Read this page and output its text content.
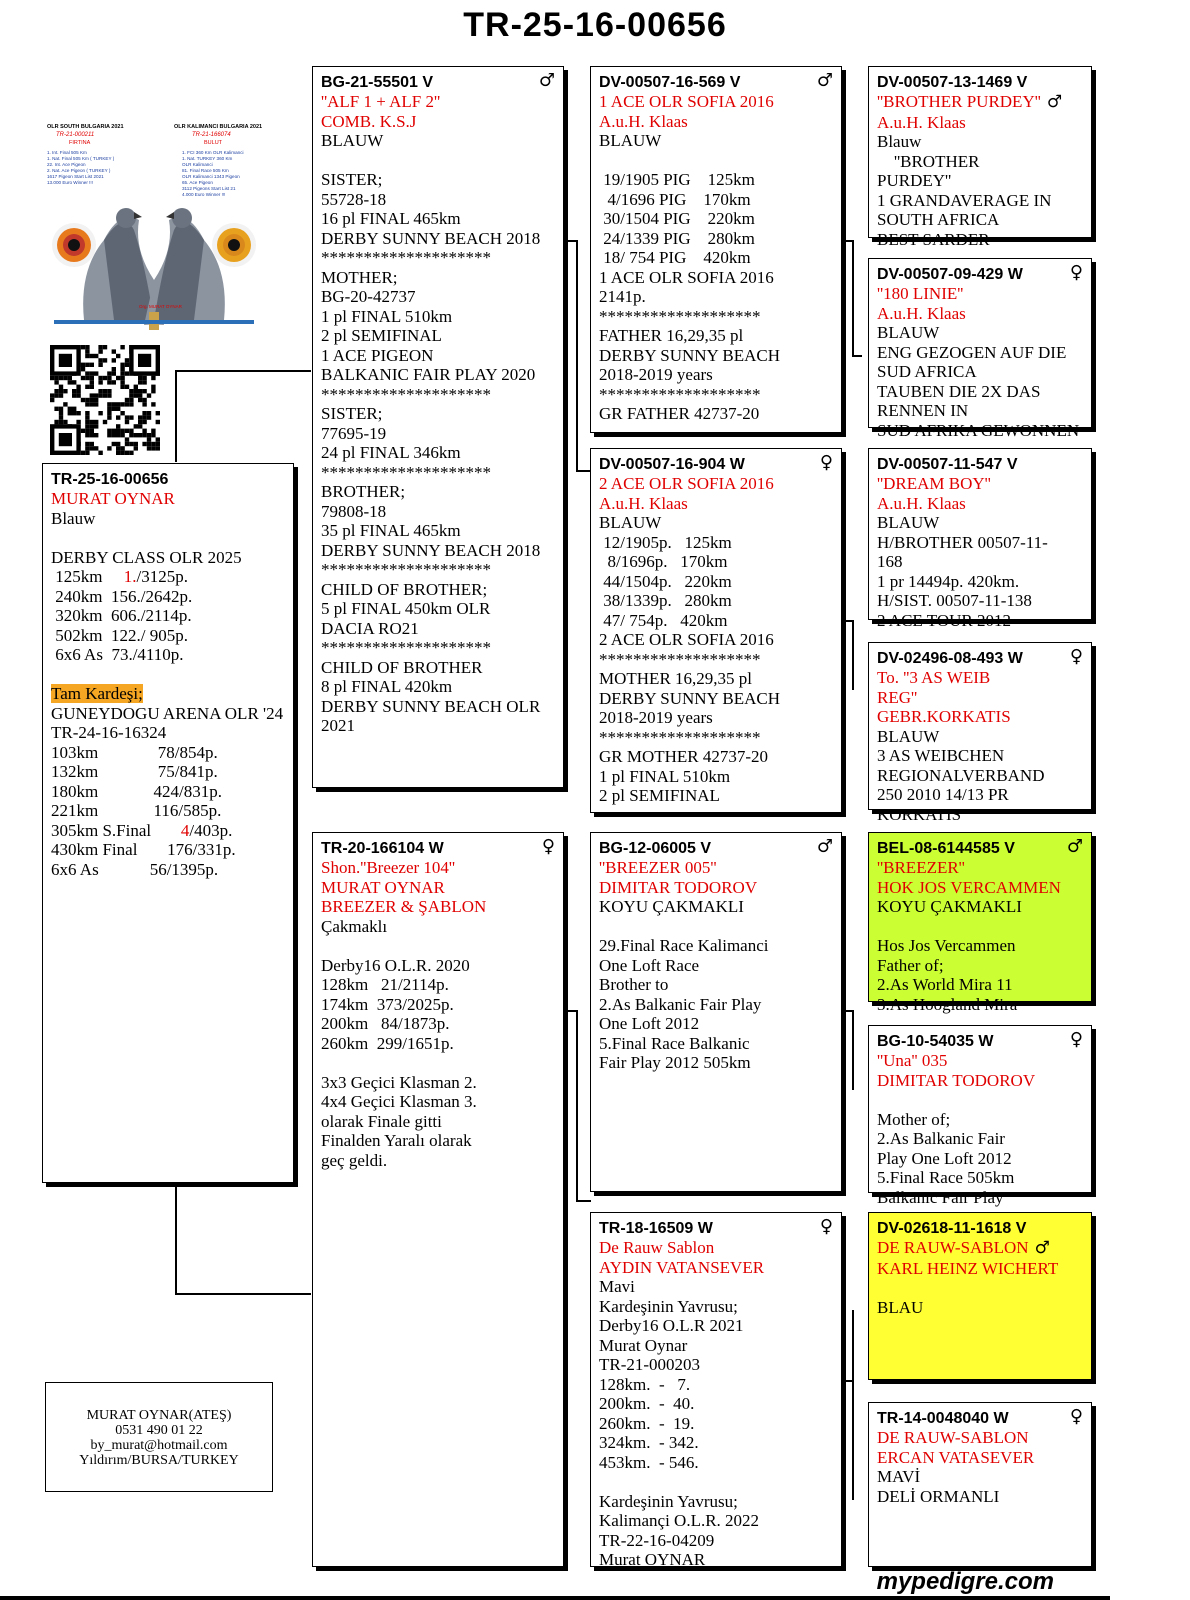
TR-25-16-00656
OLR SOUTH BULGARIA 2021
TR-21-000211
FIRTINA
1. Int. Final 505 Km
1. Nat. Final 505 Km ( TURKEY )
22. Int. Ace Pigeon
2. Nat. Ace Pigeon ( TURKEY )
1617 Pigeon Start List 2021
13.000 Euro Winner !!!
OLR KALIMANCI BULGARIA 2021
TR-21-166074
BULUT
1. FCI 360 Km OLR Kalimanci
1. Nat. TURKEY 360 Km
OLR Kalimanci
81. Final Race 505 Km
OLR Kalimanci 1343 Pigeon
65. Ace Pigeon
3112 Pigeons Start List 21
4.000 Euro Winner !!!
Org. MURAT OYNAR
TR-25-16-00656
MURAT OYNAR
Blauw

DERBY CLASS OLR 2025
125km     1./3125p.
240km  156./2642p.
320km  606./2114p.
502km  122./ 905p.
6x6 As  73./4110p.

Tam Kardeşi;
GUNEYDOGU ARENA OLR '24
TR-24-16-16324
103km              78/854p.
132km              75/841p.
180km             424/831p.
221km             116/585p.
305km S.Final       4/403p.
430km Final       176/331p.
6x6 As            56/1395p.
BG-21-55501 V	♂
''ALF 1 + ALF 2''
COMB. K.S.J
BLAUW

SISTER;
55728-18
16 pl FINAL 465km
DERBY SUNNY BEACH 2018
********************
MOTHER;
BG-20-42737
1 pl FINAL 510km
2 pl SEMIFINAL
1 ACE PIGEON
BALKANIC FAIR PLAY 2020
********************
SISTER;
77695-19
24 pl FINAL 346km
********************
BROTHER;
79808-18
35 pl FINAL 465km
DERBY SUNNY BEACH 2018
********************
CHILD OF BROTHER;
5 pl FINAL 450km OLR
DACIA RO21
********************
CHILD OF BROTHER
8 pl FINAL 420km
DERBY SUNNY BEACH OLR
2021
TR-20-166104 W	♀
Shon.''Breezer 104''
MURAT OYNAR
BREEZER & ŞABLON
Çakmaklı

Derby16 O.L.R. 2020
128km   21/2114p.
174km  373/2025p.
200km   84/1873p.
260km  299/1651p.

3x3 Geçici Klasman 2.
4x4 Geçici Klasman 3.
olarak Finale gitti
Finalden Yaralı olarak
geç geldi.
DV-00507-16-569 V	♂
1 ACE OLR SOFIA 2016
A.u.H. Klaas
BLAUW

19/1905 PIG    125km
4/1696 PIG    170km
30/1504 PIG    220km
24/1339 PIG    280km
18/ 754 PIG    420km
1 ACE OLR SOFIA 2016
2141p.
*******************
FATHER 16,29,35 pl
DERBY SUNNY BEACH
2018-2019 years
*******************
GR FATHER 42737-20
DV-00507-16-904 W	♀
2 ACE OLR SOFIA 2016
A.u.H. Klaas
BLAUW
12/1905p.   125km
8/1696p.   170km
44/1504p.   220km
38/1339p.   280km
47/ 754p.   420km
2 ACE OLR SOFIA 2016
*******************
MOTHER 16,29,35 pl
DERBY SUNNY BEACH
2018-2019 years
*******************
GR MOTHER 42737-20
1 pl FINAL 510km
2 pl SEMIFINAL
BG-12-06005 V	♂
''BREEZER 005''
DIMITAR TODOROV
KOYU ÇAKMAKLI

29.Final Race Kalimanci
One Loft Race
Brother to
2.As Balkanic Fair Play
One Loft 2012
5.Final Race Balkanic
Fair Play 2012 505km
TR-18-16509 W	♀
De Rauw Sablon
AYDIN VATANSEVER
Mavi
Kardeşinin Yavrusu;
Derby16 O.L.R 2021
Murat Oynar
TR-21-000203
128km.  -   7.
200km.  -  40.
260km.  -  19.
324km.  - 342.
453km.  - 546.

Kardeşinin Yavrusu;
Kalimançi O.L.R. 2022
TR-22-16-04209
Murat OYNAR
DV-00507-13-1469 V
''BROTHER PURDEY'' ♂
A.u.H. Klaas
Blauw
''BROTHER
PURDEY''
1 GRANDAVERAGE IN
SOUTH AFRICA
BEST SARDER
DV-00507-09-429 W	♀
''180 LINIE''
A.u.H. Klaas
BLAUW
ENG GEZOGEN AUF DIE
SUD AFRICA
TAUBEN DIE 2X DAS
RENNEN IN
SUD AFRIKA GEWONNEN
DV-00507-11-547 V
''DREAM BOY''
A.u.H. Klaas
BLAUW
H/BROTHER 00507-11-
168
1 pr 14494p. 420km.
H/SIST. 00507-11-138
2 ACE TOUR 2012
DV-02496-08-493 W	♀
To. ''3 AS WEIB
REG''
GEBR.KORKATIS
BLAUW
3 AS WEIBCHEN
REGIONALVERBAND
250 2010 14/13 PR
KORKATIS
BEL-08-6144585 V	♂
''BREEZER''
HOK JOS VERCAMMEN
KOYU ÇAKMAKLI

Hos Jos Vercammen
Father of;
2.As World Mira 11
3.As Hoogland Mira
BG-10-54035 W	♀
''Una'' 035
DIMITAR TODOROV

Mother of;
2.As Balkanic Fair
Play One Loft 2012
5.Final Race 505km
Balkanic Fair Play
DV-02618-11-1618 V
DE RAUW-SABLON ♂
KARL HEINZ WICHERT

BLAU
TR-14-0048040 W	♀
DE RAUW-SABLON
ERCAN VATASEVER
MAVİ
DELİ ORMANLI
MURAT OYNAR(ATEŞ)
0531 490 01 22
by_murat@hotmail.com
Yıldırım/BURSA/TURKEY
mypedigre.com
